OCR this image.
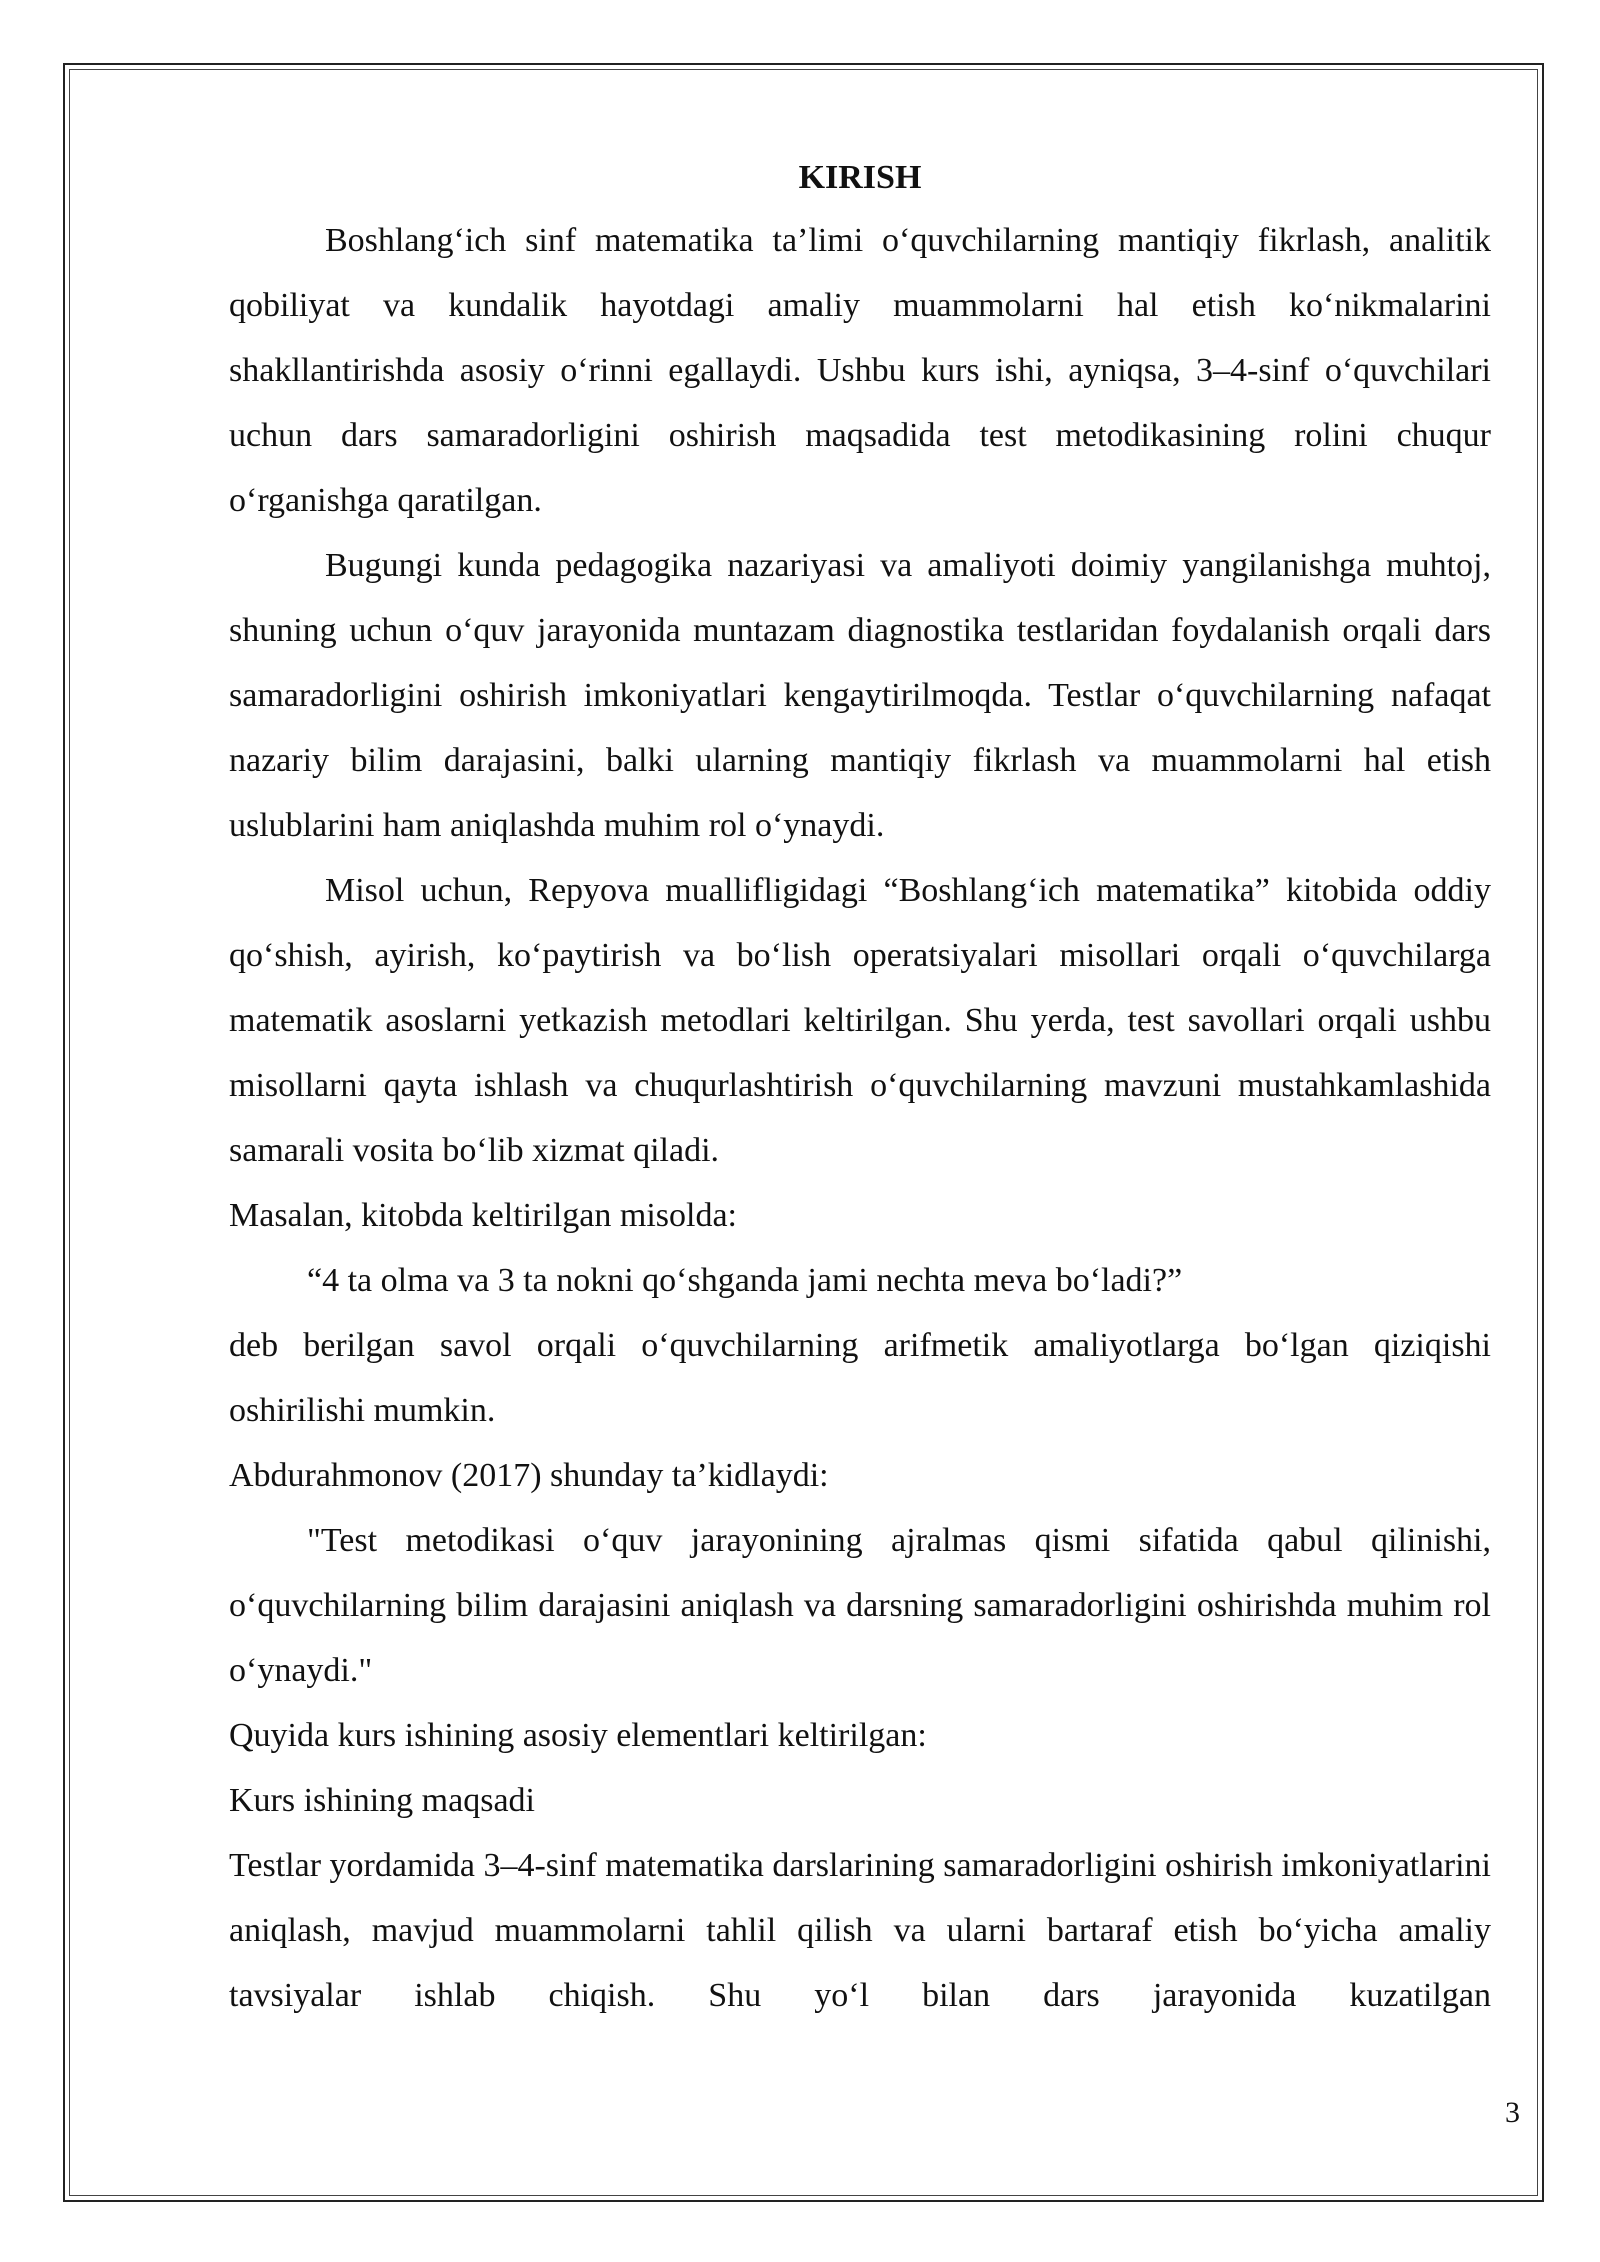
KIRISH

Boshlang‘ich sinf matematika ta’limi o‘quvchilarning mantiqiy fikrlash, analitik qobiliyat va kundalik hayotdagi amaliy muammolarni hal etish ko‘nikmalarini shakllantirishda asosiy o‘rinni egallaydi. Ushbu kurs ishi, ayniqsa, 3–4-sinf o‘quvchilari uchun dars samaradorligini oshirish maqsadida test metodikasining rolini chuqur o‘rganishga qaratilgan.

Bugungi kunda pedagogika nazariyasi va amaliyoti doimiy yangilanishga muhtoj, shuning uchun o‘quv jarayonida muntazam diagnostika testlaridan foydalanish orqali dars samaradorligini oshirish imkoniyatlari kengaytirilmoqda. Testlar o‘quvchilarning nafaqat nazariy bilim darajasini, balki ularning mantiqiy fikrlash va muammolarni hal etish uslublarini ham aniqlashda muhim rol o‘ynaydi.

Misol uchun, Repyova muallifligidagi “Boshlang‘ich matematika” kitobida oddiy qo‘shish, ayirish, ko‘paytirish va bo‘lish operatsiyalari misollari orqali o‘quvchilarga matematik asoslarni yetkazish metodlari keltirilgan. Shu yerda, test savollari orqali ushbu misollarni qayta ishlash va chuqurlashtirish o‘quvchilarning mavzuni mustahkamlashida samarali vosita bo‘lib xizmat qiladi.

Masalan, kitobda keltirilgan misolda:

“4 ta olma va 3 ta nokni qo‘shganda jami nechta meva bo‘ladi?”

deb berilgan savol orqali o‘quvchilarning arifmetik amaliyotlarga bo‘lgan qiziqishi oshirilishi mumkin.

Abdurahmonov (2017) shunday ta’kidlaydi:

"Test metodikasi o‘quv jarayonining ajralmas qismi sifatida qabul qilinishi, o‘quvchilarning bilim darajasini aniqlash va darsning samaradorligini oshirishda muhim rol o‘ynaydi."

Quyida kurs ishining asosiy elementlari keltirilgan:

Kurs ishining maqsadi

Testlar yordamida 3–4-sinf matematika darslarining samaradorligini oshirish imkoniyatlarini aniqlash, mavjud muammolarni tahlil qilish va ularni bartaraf etish bo‘yicha amaliy tavsiyalar ishlab chiqish. Shu yo‘l bilan dars jarayonida kuzatilgan

3
